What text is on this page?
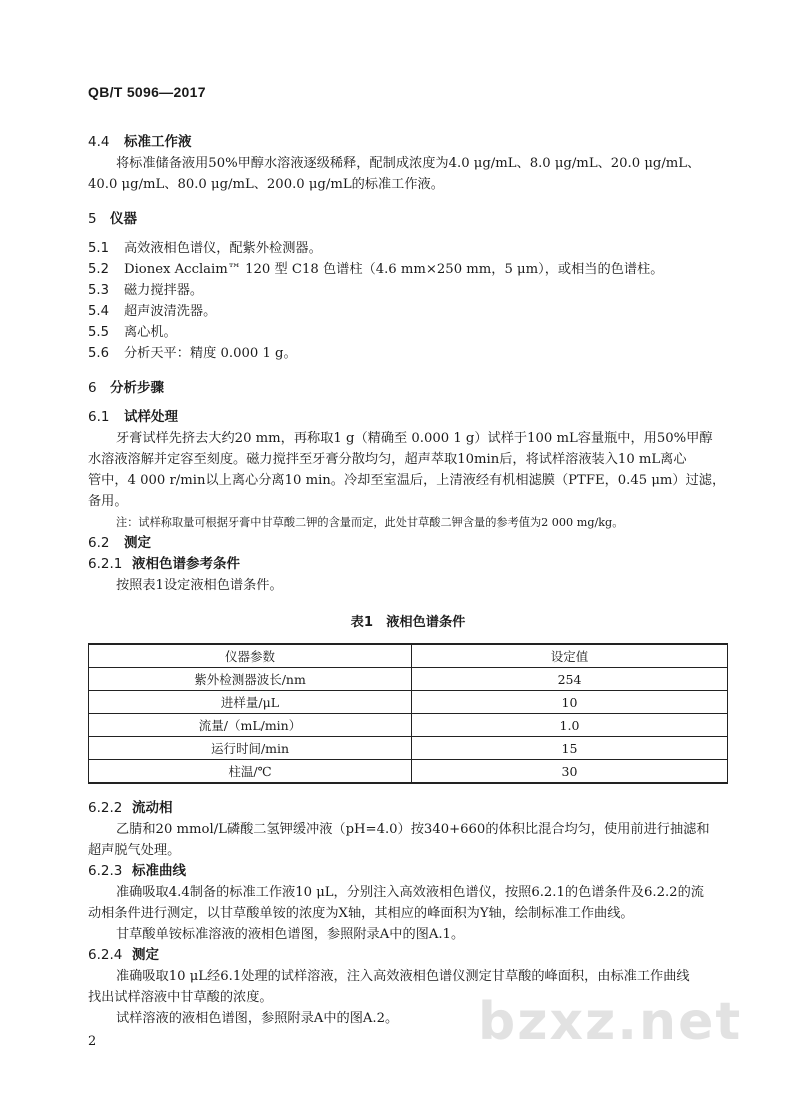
QB/T 5096—2017

4.4 标准工作液

将标准储备液用50%甲醇水溶液逐级稀释，配制成浓度为4.0 μg/mL、8.0 μg/mL、20.0 μg/mL、

40.0 μg/mL、80.0 μg/mL、200.0 μg/mL的标准工作液。

5 仪器

5.1 高效液相色谱仪，配紫外检测器。

5.2 Dionex Acclaim™ 120 型 C18 色谱柱（4.6 mm×250 mm，5 μm），或相当的色谱柱。

5.3 磁力搅拌器。

5.4 超声波清洗器。

5.5 离心机。

5.6 分析天平：精度 0.000 1 g。

6 分析步骤

6.1 试样处理

牙膏试样先挤去大约20 mm，再称取1 g（精确至 0.000 1 g）试样于100 mL容量瓶中，用50%甲醇

水溶液溶解并定容至刻度。磁力搅拌至牙膏分散均匀，超声萃取10min后，将试样溶液装入10 mL离心

管中，4 000 r/min以上离心分离10 min。冷却至室温后，上清液经有机相滤膜（PTFE，0.45 μm）过滤，

备用。

注：试样称取量可根据牙膏中甘草酸二钾的含量而定，此处甘草酸二钾含量的参考值为2 000 mg/kg。

6.2 测定

6.2.1 液相色谱参考条件

按照表1设定液相色谱条件。

表1　液相色谱条件
仪器参数	设定值
紫外检测器波长/nm	254
进样量/μL	10
流量/（mL/min）	1.0
运行时间/min	15
柱温/℃	30

6.2.2 流动相

乙腈和20 mmol/L磷酸二氢钾缓冲液（pH=4.0）按340+660的体积比混合均匀，使用前进行抽滤和

超声脱气处理。

6.2.3 标准曲线

准确吸取4.4制备的标准工作液10 μL，分别注入高效液相色谱仪，按照6.2.1的色谱条件及6.2.2的流

动相条件进行测定，以甘草酸单铵的浓度为X轴，其相应的峰面积为Y轴，绘制标准工作曲线。

甘草酸单铵标准溶液的液相色谱图，参照附录A中的图A.1。

6.2.4 测定

准确吸取10 μL经6.1处理的试样溶液，注入高效液相色谱仪测定甘草酸的峰面积，由标准工作曲线

找出试样溶液中甘草酸的浓度。

试样溶液的液相色谱图，参照附录A中的图A.2。

2	bzxz.net
